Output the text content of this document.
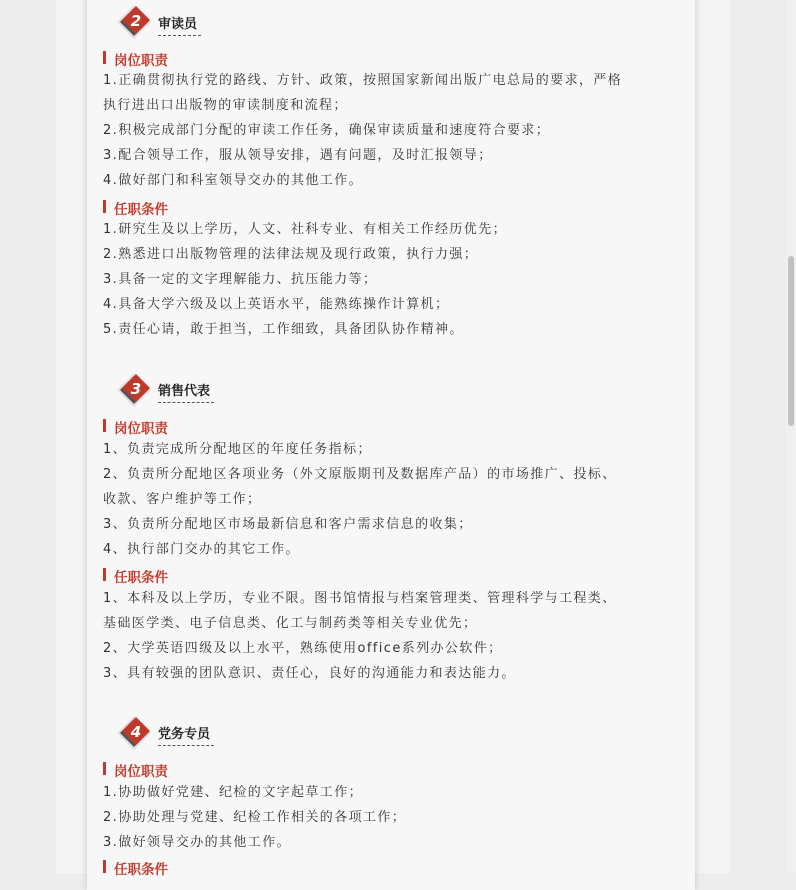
2 审读员
岗位职责
1.正确贯彻执行党的路线、方针、政策，按照国家新闻出版广电总局的要求，严格
执行进出口出版物的审读制度和流程；
2.积极完成部门分配的审读工作任务，确保审读质量和速度符合要求；
3.配合领导工作，服从领导安排，遇有问题，及时汇报领导；
4.做好部门和科室领导交办的其他工作。
任职条件
1.研究生及以上学历，人文、社科专业、有相关工作经历优先；
2.熟悉进口出版物管理的法律法规及现行政策，执行力强；
3.具备一定的文字理解能力、抗压能力等；
4.具备大学六级及以上英语水平，能熟练操作计算机；
5.责任心请，敢于担当，工作细致，具备团队协作精神。
3 销售代表
岗位职责
1、负责完成所分配地区的年度任务指标；
2、负责所分配地区各项业务（外文原版期刊及数据库产品）的市场推广、投标、
收款、客户维护等工作；
3、负责所分配地区市场最新信息和客户需求信息的收集；
4、执行部门交办的其它工作。
任职条件
1、本科及以上学历，专业不限。图书馆情报与档案管理类、管理科学与工程类、
基础医学类、电子信息类、化工与制药类等相关专业优先；
2、大学英语四级及以上水平，熟练使用office系列办公软件；
3、具有较强的团队意识、责任心，良好的沟通能力和表达能力。
4 党务专员
岗位职责
1.协助做好党建、纪检的文字起草工作；
2.协助处理与党建、纪检工作相关的各项工作；
3.做好领导交办的其他工作。
任职条件
